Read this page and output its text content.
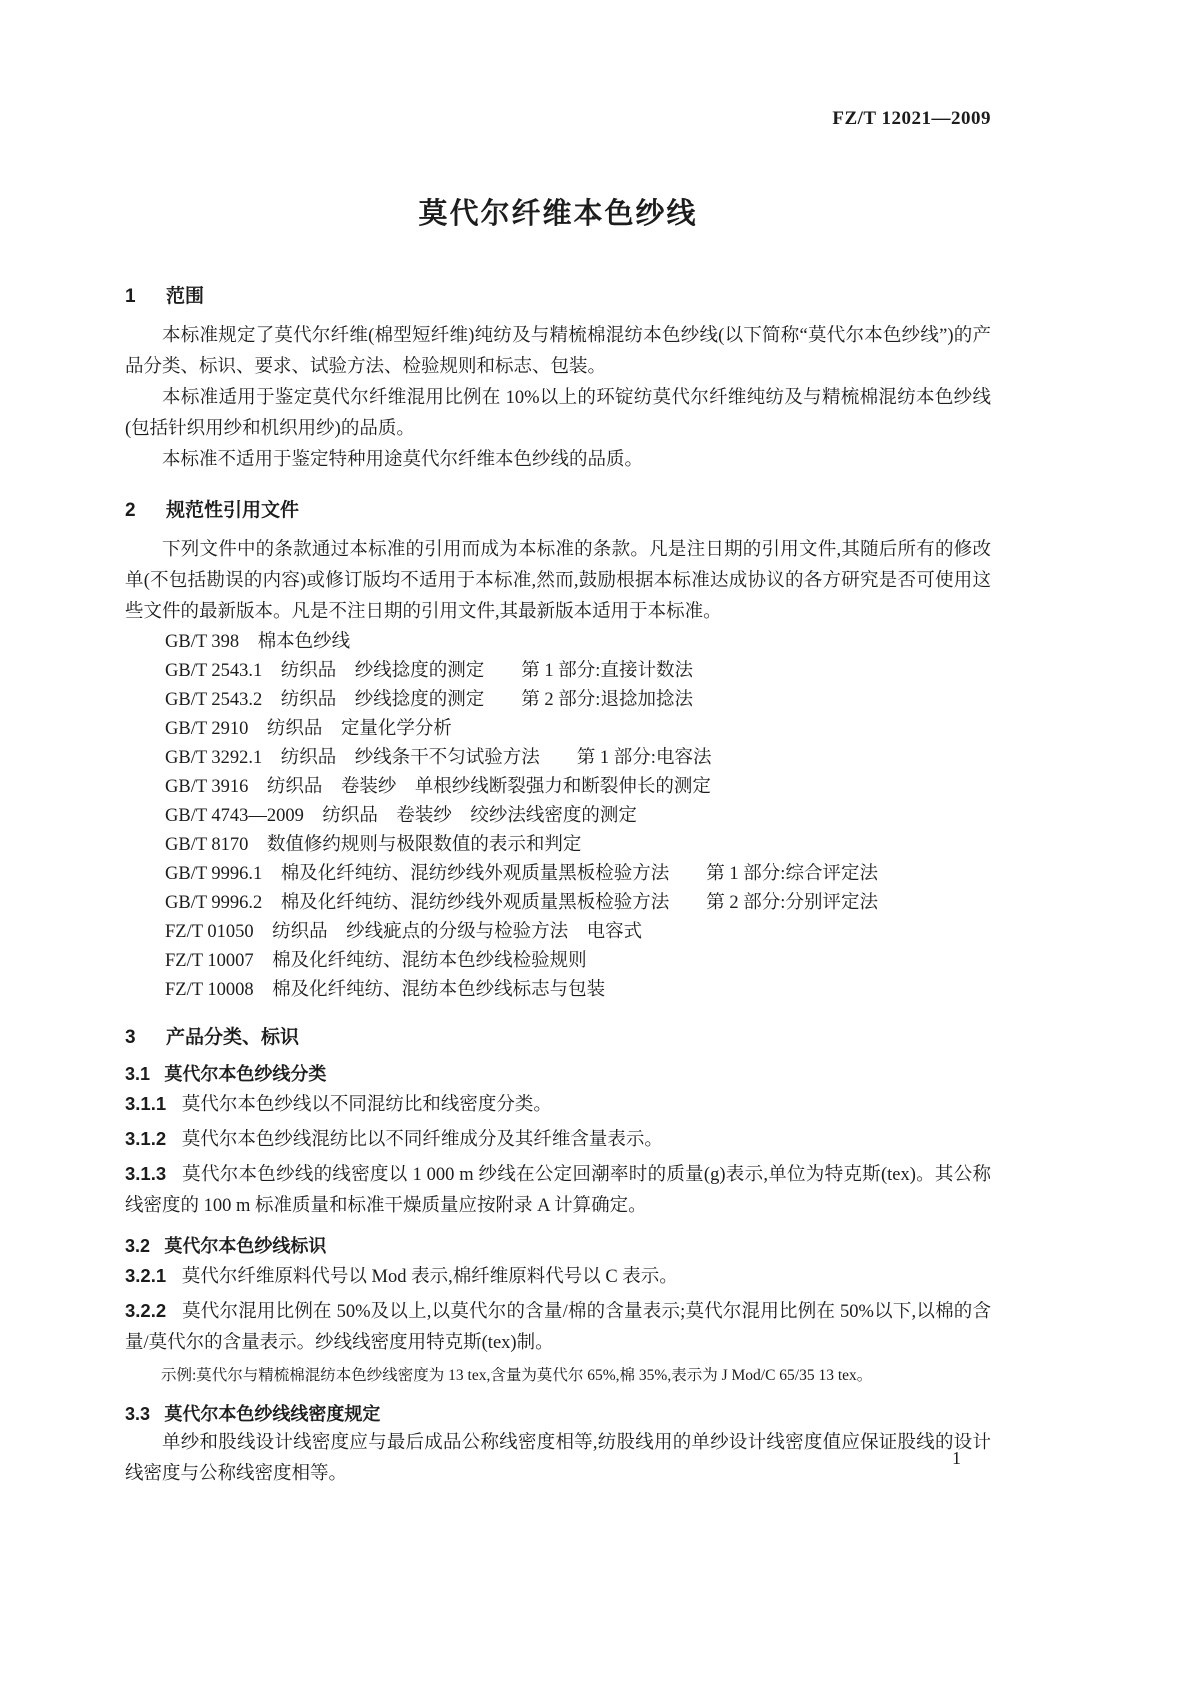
FZ/T 12021—2009
莫代尔纤维本色纱线
1 范围

本标准规定了莫代尔纤维(棉型短纤维)纯纺及与精梳棉混纺本色纱线(以下简称“莫代尔本色纱线”)的产品分类、标识、要求、试验方法、检验规则和标志、包装。

本标准适用于鉴定莫代尔纤维混用比例在 10%以上的环锭纺莫代尔纤维纯纺及与精梳棉混纺本色纱线(包括针织用纱和机织用纱)的品质。

本标准不适用于鉴定特种用途莫代尔纤维本色纱线的品质。

2 规范性引用文件

下列文件中的条款通过本标准的引用而成为本标准的条款。凡是注日期的引用文件,其随后所有的修改单(不包括勘误的内容)或修订版均不适用于本标准,然而,鼓励根据本标准达成协议的各方研究是否可使用这些文件的最新版本。凡是不注日期的引用文件,其最新版本适用于本标准。

GB/T 398　棉本色纱线

GB/T 2543.1　纺织品　纱线捻度的测定　　第 1 部分:直接计数法

GB/T 2543.2　纺织品　纱线捻度的测定　　第 2 部分:退捻加捻法

GB/T 2910　纺织品　定量化学分析

GB/T 3292.1　纺织品　纱线条干不匀试验方法　　第 1 部分:电容法

GB/T 3916　纺织品　卷装纱　单根纱线断裂强力和断裂伸长的测定

GB/T 4743—2009　纺织品　卷装纱　绞纱法线密度的测定

GB/T 8170　数值修约规则与极限数值的表示和判定

GB/T 9996.1　棉及化纤纯纺、混纺纱线外观质量黑板检验方法　　第 1 部分:综合评定法

GB/T 9996.2　棉及化纤纯纺、混纺纱线外观质量黑板检验方法　　第 2 部分:分别评定法

FZ/T 01050　纺织品　纱线疵点的分级与检验方法　电容式

FZ/T 10007　棉及化纤纯纺、混纺本色纱线检验规则

FZ/T 10008　棉及化纤纯纺、混纺本色纱线标志与包装

3 产品分类、标识
3.1 莫代尔本色纱线分类

3.1.1 莫代尔本色纱线以不同混纺比和线密度分类。

3.1.2 莫代尔本色纱线混纺比以不同纤维成分及其纤维含量表示。

3.1.3 莫代尔本色纱线的线密度以 1 000 m 纱线在公定回潮率时的质量(g)表示,单位为特克斯(tex)。其公称线密度的 100 m 标准质量和标准干燥质量应按附录 A 计算确定。

3.2 莫代尔本色纱线标识

3.2.1 莫代尔纤维原料代号以 Mod 表示,棉纤维原料代号以 C 表示。

3.2.2 莫代尔混用比例在 50%及以上,以莫代尔的含量/棉的含量表示;莫代尔混用比例在 50%以下,以棉的含量/莫代尔的含量表示。纱线线密度用特克斯(tex)制。

示例:莫代尔与精梳棉混纺本色纱线密度为 13 tex,含量为莫代尔 65%,棉 35%,表示为 J Mod/C 65/35 13 tex。

3.3 莫代尔本色纱线线密度规定

单纱和股线设计线密度应与最后成品公称线密度相等,纺股线用的单纱设计线密度值应保证股线的设计线密度与公称线密度相等。

1
